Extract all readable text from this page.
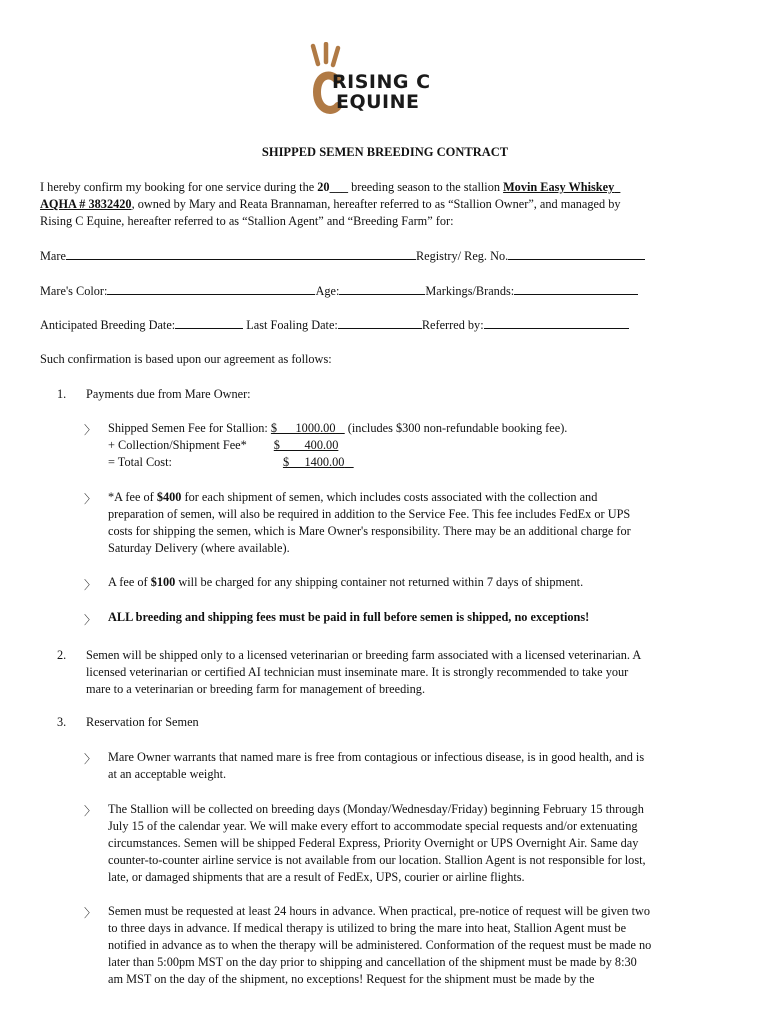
RISING C
EQUINE
SHIPPED SEMEN BREEDING CONTRACT
I hereby confirm my booking for one service during the 20___ breeding season to the stallion Movin Easy Whiskey
AQHA # 3832420, owned by Mary and Reata Brannaman, hereafter referred to as “Stallion Owner”, and managed by
Rising C Equine, hereafter referred to as “Stallion Agent” and “Breeding Farm” for:
Mare	Registry/ Reg. No.
Mare's Color:	Age:	Markings/Brands:
Anticipated Breeding Date:	Last Foaling Date:	Referred by:
Such confirmation is based upon our agreement as follows:
1. Payments due from Mare Owner:
〉 Shipped Semen Fee for Stallion: $      1000.00 (includes $300 non-refundable booking fee).
+ Collection/Shipment Fee* $        400.00
= Total Cost:	$     1400.00
〉 *A fee of $400 for each shipment of semen, which includes costs associated with the collection and
preparation of semen, will also be required in addition to the Service Fee. This fee includes FedEx or UPS
costs for shipping the semen, which is Mare Owner's responsibility. There may be an additional charge for
Saturday Delivery (where available).
〉 A fee of $100 will be charged for any shipping container not returned within 7 days of shipment.
〉 ALL breeding and shipping fees must be paid in full before semen is shipped, no exceptions!
2. Semen will be shipped only to a licensed veterinarian or breeding farm associated with a licensed veterinarian. A
licensed veterinarian or certified AI technician must inseminate mare. It is strongly recommended to take your
mare to a veterinarian or breeding farm for management of breeding.
3. Reservation for Semen
〉 Mare Owner warrants that named mare is free from contagious or infectious disease, is in good health, and is
at an acceptable weight.
〉 The Stallion will be collected on breeding days (Monday/Wednesday/Friday) beginning February 15 through
July 15 of the calendar year. We will make every effort to accommodate special requests and/or extenuating
circumstances. Semen will be shipped Federal Express, Priority Overnight or UPS Overnight Air. Same day
counter-to-counter airline service is not available from our location. Stallion Agent is not responsible for lost,
late, or damaged shipments that are a result of FedEx, UPS, courier or airline flights.
〉 Semen must be requested at least 24 hours in advance. When practical, pre-notice of request will be given two
to three days in advance. If medical therapy is utilized to bring the mare into heat, Stallion Agent must be
notified in advance as to when the therapy will be administered. Conformation of the request must be made no
later than 5:00pm MST on the day prior to shipping and cancellation of the shipment must be made by 8:30
am MST on the day of the shipment, no exceptions! Request for the shipment must be made by the
